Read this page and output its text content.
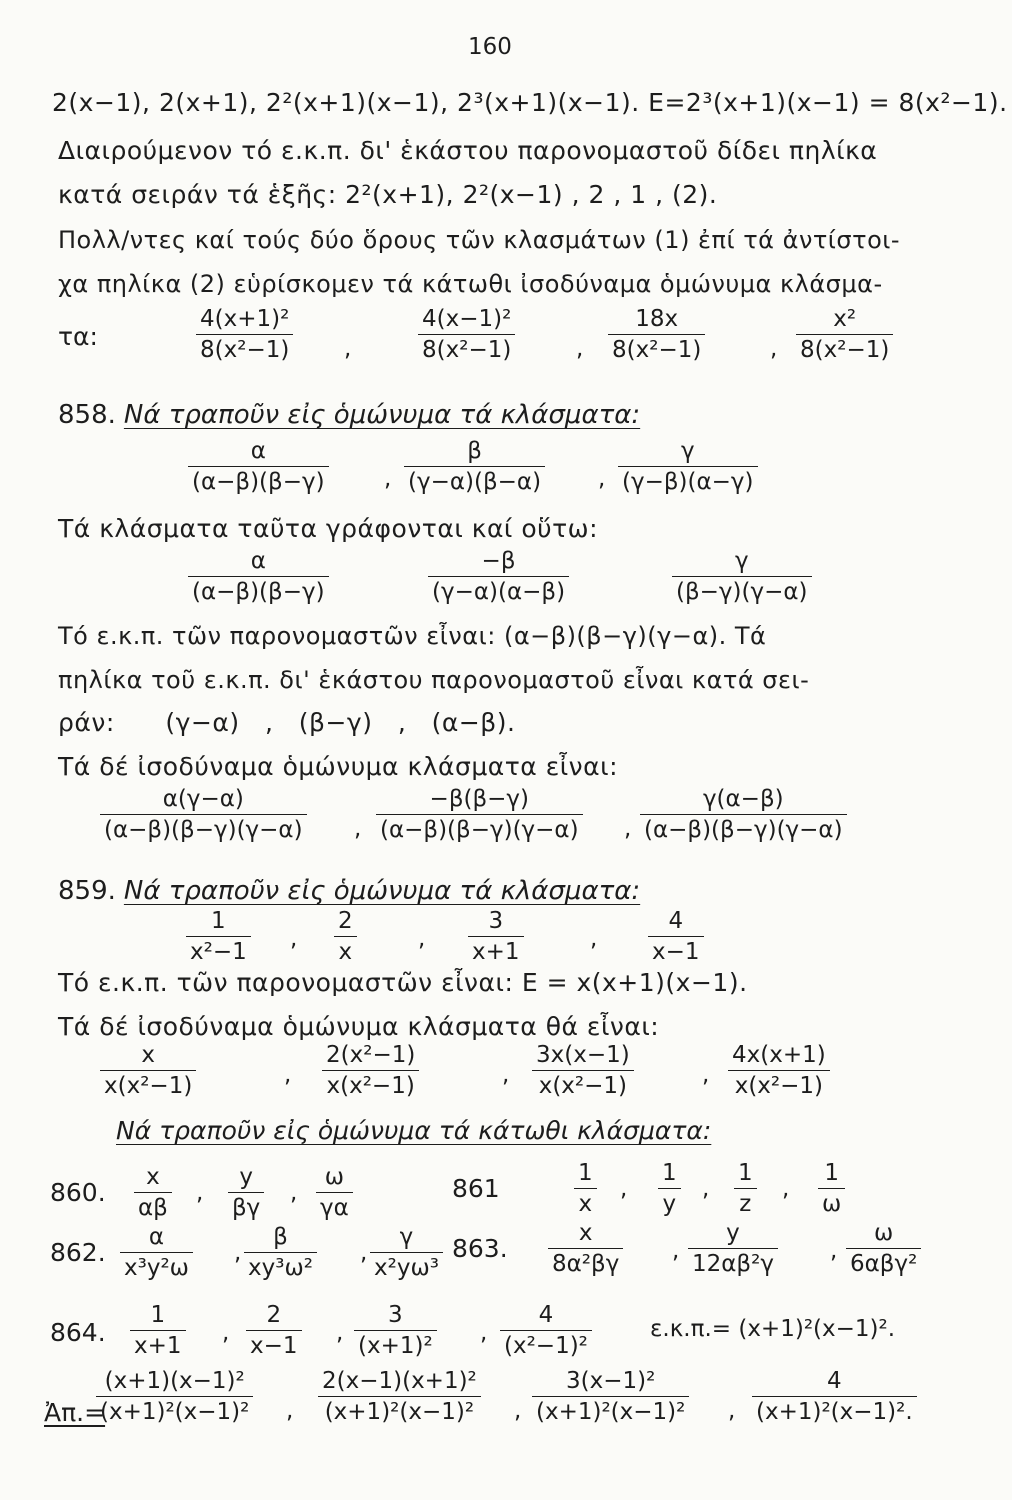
160
2(x−1), 2(x+1), 2²(x+1)(x−1), 2³(x+1)(x−1). E=2³(x+1)(x−1) = 8(x²−1).
Διαιρούμενον τό ε.κ.π. δι' ἑκάστου παρονομαστοῦ δίδει πηλίκα
κατά σειράν τά ἑξῆς: 2²(x+1), 2²(x−1) , 2 , 1 , (2).
Πολλ/ντες καί τούς δύο ὅρους τῶν κλασμάτων (1) ἐπί τά ἀντίστοι-
χα πηλίκα (2) εὑρίσκομεν τά κάτωθι ἰσοδύναμα ὁμώνυμα κλάσμα-
τα:
4(x+1)²
8(x²−1) ,
4(x−1)²
8(x²−1)	,
18x
8(x²−1)	,
x²
8(x²−1)
858. Νά τραποῦν εἰς ὁμώνυμα τά κλάσματα:
α
(α−β)(β−γ)	,
β
(γ−α)(β−α) ,
γ
(γ−β)(α−γ)
Τά κλάσματα ταῦτα γράφονται καί οὕτω:
α
(α−β)(β−γ)
−β
(γ−α)(α−β)
γ
(β−γ)(γ−α)
Τό ε.κ.π. τῶν παρονομαστῶν εἶναι: (α−β)(β−γ)(γ−α). Τά
πηλίκα τοῦ ε.κ.π. δι' ἑκάστου παρονομαστοῦ εἶναι κατά σει-
ράν:      (γ−α)   ,   (β−γ)   ,   (α−β).
Τά δέ ἰσοδύναμα ὁμώνυμα κλάσματα εἶναι:
α(γ−α)
(α−β)(β−γ)(γ−α) ,
−β(β−γ)
(α−β)(β−γ)(γ−α) ,
γ(α−β)
(α−β)(β−γ)(γ−α)
859. Νά τραποῦν εἰς ὁμώνυμα τά κλάσματα:
1
x²−1
,
2
x
,
3
x+1
,
4
x−1
Τό ε.κ.π. τῶν παρονομαστῶν εἶναι: E = x(x+1)(x−1).
Τά δέ ἰσοδύναμα ὁμώνυμα κλάσματα θά εἶναι:
x
x(x²−1)	,
2(x²−1)
x(x²−1)	,
3x(x−1)
x(x²−1)	,
4x(x+1)
x(x²−1)
Νά τραποῦν εἰς ὁμώνυμα τά κάτωθι κλάσματα:
860.
x
αβ
,
y
βγ
,
ω
γα
861
1
x
,
1
y
,
1
z
,
1
ω
862.
α
x³y²ω
,
β
xy³ω²
,
γ
x²yω³
863.
x
8α²βγ
,
y
12αβ²γ
,
ω
6αβγ²
864.
1
x+1
,
2
x−1
,
3
(x+1)²
,
4
(x²−1)²
ε.κ.π.= (x+1)²(x−1)².
Ἀπ.=
(x+1)(x−1)²
(x+1)²(x−1)² ,
2(x−1)(x+1)²
(x+1)²(x−1)² ,
3(x−1)²
(x+1)²(x−1)² ,
4
(x+1)²(x−1)².
